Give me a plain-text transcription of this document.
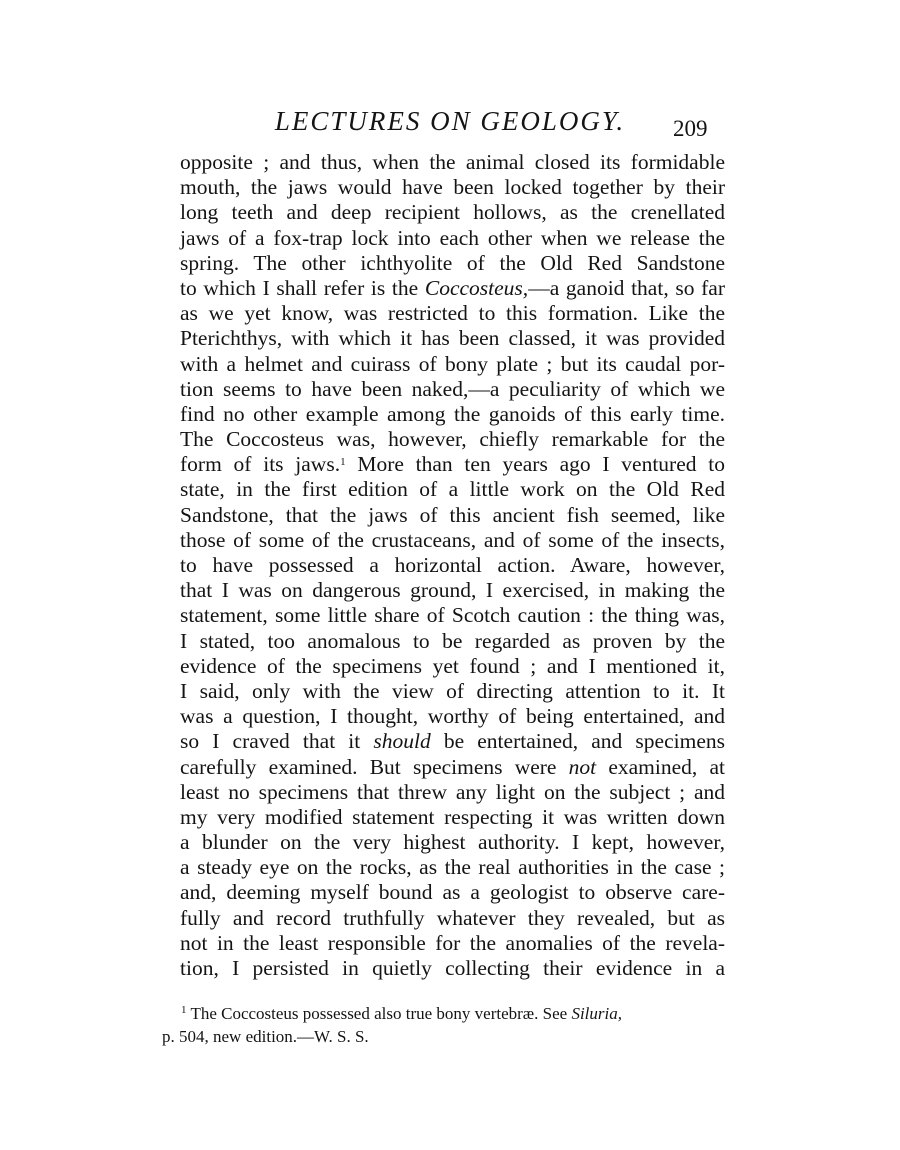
LECTURES ON GEOLOGY.	209
opposite ; and thus, when the animal closed its formidable
mouth, the jaws would have been locked together by their
long teeth and deep recipient hollows, as the crenellated
jaws of a fox-trap lock into each other when we release the
spring. The other ichthyolite of the Old Red Sandstone
to which I shall refer is the Coccosteus,—a ganoid that, so far
as we yet know, was restricted to this formation. Like the
Pterichthys, with which it has been classed, it was provided
with a helmet and cuirass of bony plate ; but its caudal por-
tion seems to have been naked,—a peculiarity of which we
find no other example among the ganoids of this early time.
The Coccosteus was, however, chiefly remarkable for the
form of its jaws.$^1$ More than ten years ago I ventured to
state, in the first edition of a little work on the Old Red
Sandstone, that the jaws of this ancient fish seemed, like
those of some of the crustaceans, and of some of the insects,
to have possessed a horizontal action. Aware, however,
that I was on dangerous ground, I exercised, in making the
statement, some little share of Scotch caution : the thing was,
I stated, too anomalous to be regarded as proven by the
evidence of the specimens yet found ; and I mentioned it,
I said, only with the view of directing attention to it. It
was a question, I thought, worthy of being entertained, and
so I craved that it should be entertained, and specimens
carefully examined. But specimens were not examined, at
least no specimens that threw any light on the subject ; and
my very modified statement respecting it was written down
a blunder on the very highest authority. I kept, however,
a steady eye on the rocks, as the real authorities in the case ;
and, deeming myself bound as a geologist to observe care-
fully and record truthfully whatever they revealed, but as
not in the least responsible for the anomalies of the revela-
tion, I persisted in quietly collecting their evidence in a
$^1$ The Coccosteus possessed also true bony vertebræ. See Siluria,
p. 504, new edition.—W. S. S.
